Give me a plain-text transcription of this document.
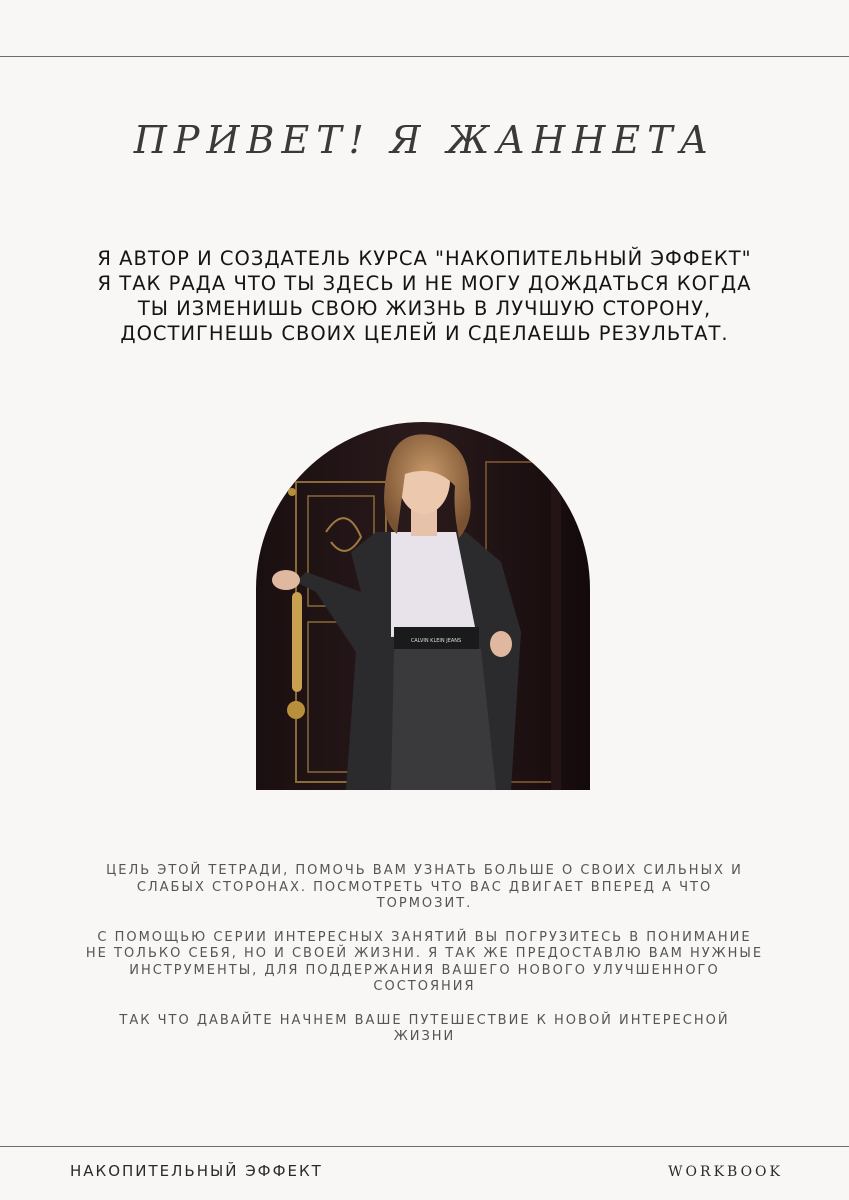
ПРИВЕТ! Я ЖАННЕТА
Я АВТОР И СОЗДАТЕЛЬ КУРСА "НАКОПИТЕЛЬНЫЙ ЭФФЕКТ"
Я ТАК РАДА ЧТО ТЫ ЗДЕСЬ И НЕ МОГУ ДОЖДАТЬСЯ КОГДА
ТЫ ИЗМЕНИШЬ СВОЮ ЖИЗНЬ В ЛУЧШУЮ СТОРОНУ,
ДОСТИГНЕШЬ СВОИХ ЦЕЛЕЙ И СДЕЛАЕШЬ РЕЗУЛЬТАТ.
CALVIN KLEIN JEANS

ЦЕЛЬ ЭТОЙ ТЕТРАДИ, ПОМОЧЬ ВАМ УЗНАТЬ БОЛЬШЕ О СВОИХ СИЛЬНЫХ И
СЛАБЫХ СТОРОНАХ. ПОСМОТРЕТЬ ЧТО ВАС ДВИГАЕТ ВПЕРЕД А ЧТО
ТОРМОЗИТ.

С ПОМОЩЬЮ СЕРИИ ИНТЕРЕСНЫХ ЗАНЯТИЙ ВЫ ПОГРУЗИТЕСЬ В ПОНИМАНИЕ
НЕ ТОЛЬКО СЕБЯ, НО И СВОЕЙ ЖИЗНИ. Я ТАК ЖЕ ПРЕДОСТАВЛЮ ВАМ НУЖНЫЕ
ИНСТРУМЕНТЫ, ДЛЯ ПОДДЕРЖАНИЯ ВАШЕГО НОВОГО УЛУЧШЕННОГО
СОСТОЯНИЯ

ТАК ЧТО ДАВАЙТЕ НАЧНЕМ ВАШЕ ПУТЕШЕСТВИЕ К НОВОЙ ИНТЕРЕСНОЙ
ЖИЗНИ

НАКОПИТЕЛЬНЫЙ ЭФФЕКТ	WORKBOOK
